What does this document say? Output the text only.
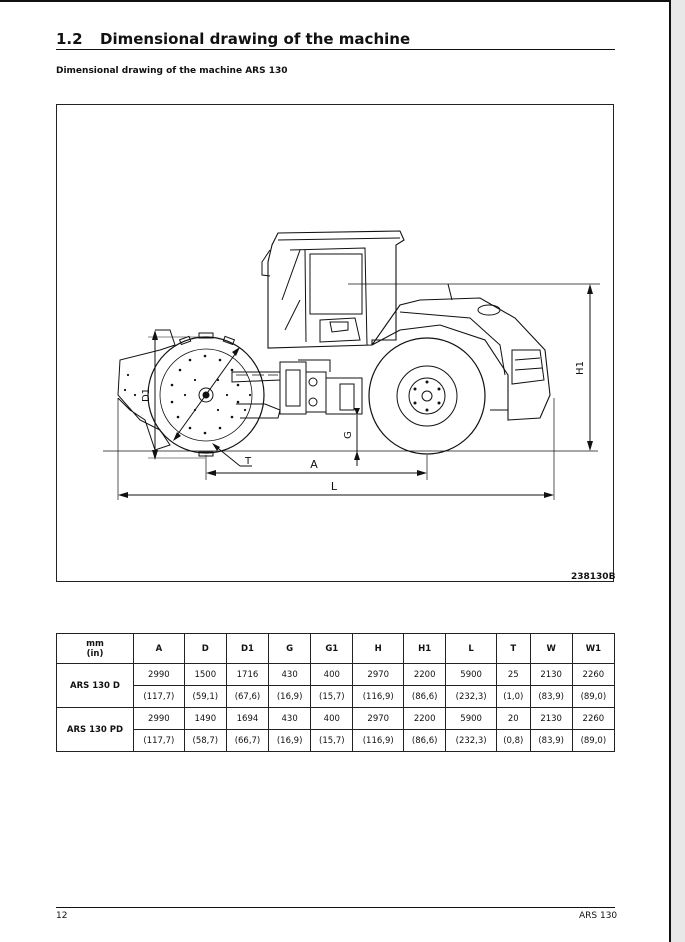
1.2 Dimensional drawing of the machine
Dimensional drawing of the machine ARS 130
D1
T
G
A
L
H1
238130B
mm
(in)	A	D	D1	G	G1	H	H1	L	T	W	W1
ARS 130 D	2990	1500	1716	430	400	2970	2200	5900	25	2130	2260
	(117,7)	(59,1)	(67,6)	(16,9)	(15,7)	(116,9)	(86,6)	(232,3)	(1,0)	(83,9)	(89,0)
ARS 130 PD	2990	1490	1694	430	400	2970	2200	5900	20	2130	2260
	(117,7)	(58,7)	(66,7)	(16,9)	(15,7)	(116,9)	(86,6)	(232,3)	(0,8)	(83,9)	(89,0)
12	ARS 130
